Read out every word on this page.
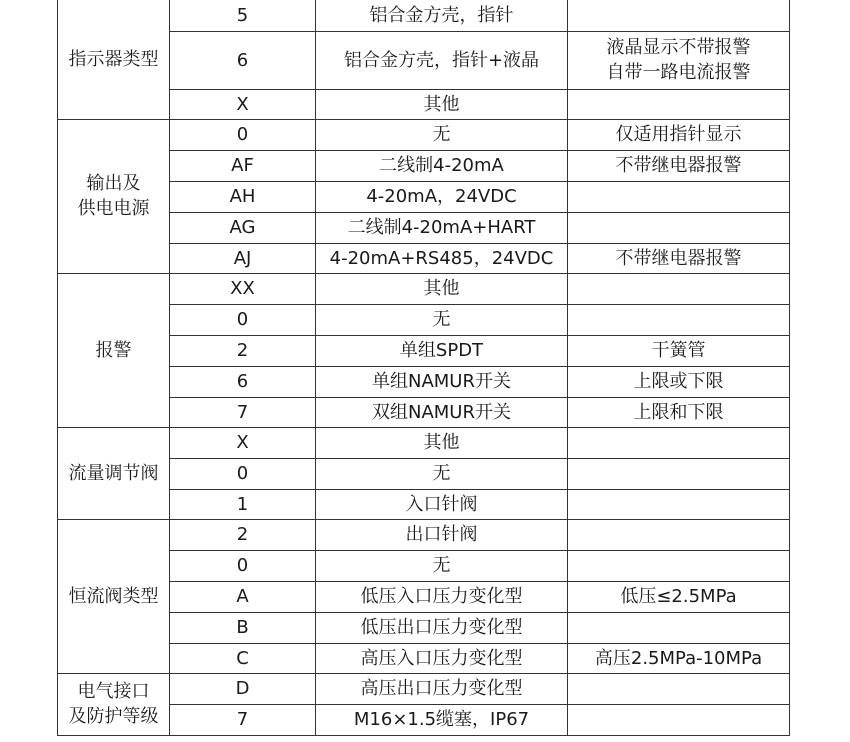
指示器类型	5	铝合金方壳，指针	
	6	铝合金方壳，指针+液晶	液晶显示不带报警
自带一路电流报警

	X	其他	

输出及
供电电源	0	无	仅适用指针显示

	AF	二线制4-20mA	不带继电器报警

	AH	4-20mA，24VDC	
	AG	二线制4-20mA+HART	
	AJ	4-20mA+RS485，24VDC	不带继电器报警

报警	XX	其他	
	0	无	
	2	单组SPDT	干簧管

	6	单组NAMUR开关	上限或下限

	7	双组NAMUR开关	上限和下限

流量调节阀	X	其他	
	0	无	
	1	入口针阀	

恒流阀类型	2	出口针阀	
	0	无	
	A	低压入口压力变化型	低压≤2.5MPa

	B	低压出口压力变化型	
	C	高压入口压力变化型	高压2.5MPa-10MPa

电气接口
及防护等级	D	高压出口压力变化型	
	7	M16×1.5缆塞，IP67	
